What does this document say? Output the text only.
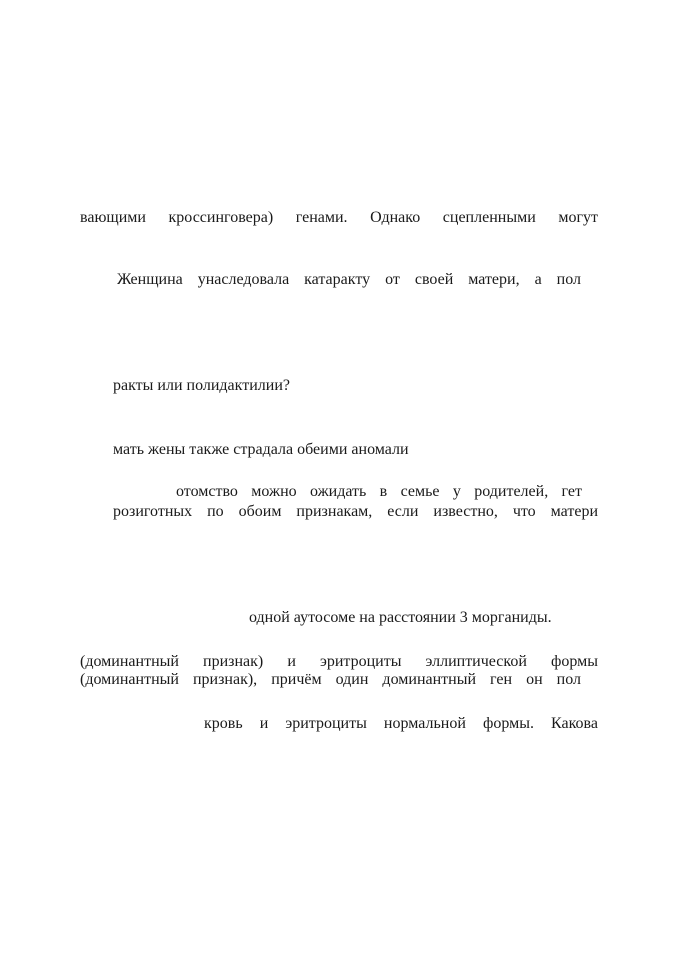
вающими кроссинговера) генами. Однако сцепленными могут

Женщина унаследовала катаракту от своей матери, а пол

ракты или полидактилии?

мать жены также страдала обеими аномали

отомство можно ожидать в семье у родителей, гет

розиготных по обоим признакам, если известно, что матери

одной аутосоме на расстоянии 3 морганиды.

(доминантный признак) и эритроциты эллиптической формы

(доминантный признак), причём один доминантный ген он пол

кровь и эритроциты нормальной формы. Какова
